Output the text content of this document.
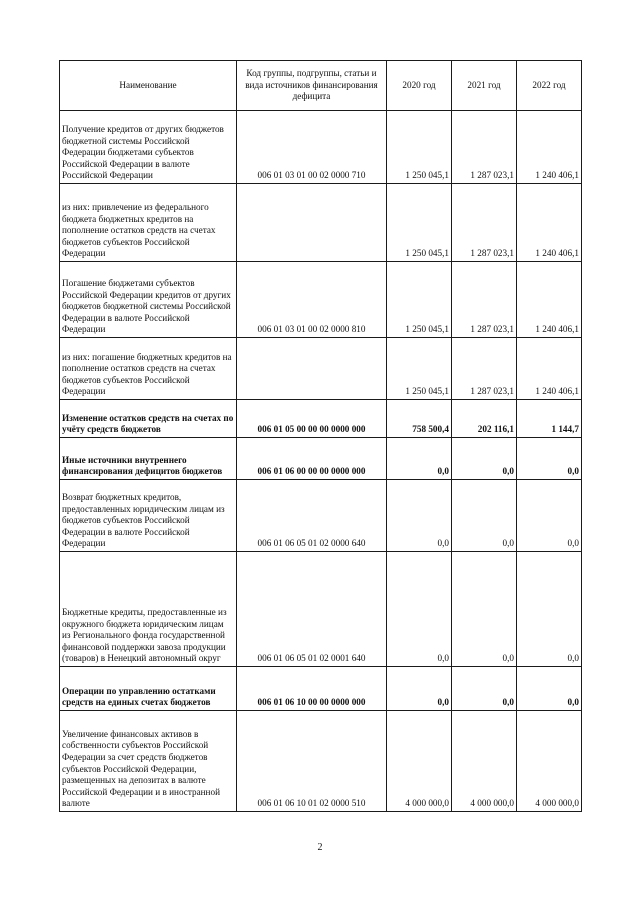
Наименование	Код группы, подгруппы, статьи и вида источников финансирования дефицита	2020 год	2021 год	2022 год
Получение кредитов от других бюджетов бюджетной системы Российской Федерации бюджетами субъектов Российской Федерации в валюте Российской Федерации	006 01 03 01 00 02 0000 710	1 250 045,1	1 287 023,1	1 240 406,1
из них: привлечение из федерального бюджета бюджетных кредитов на пополнение остатков средств на счетах бюджетов субъектов Российской Федерации		1 250 045,1	1 287 023,1	1 240 406,1
Погашение бюджетами субъектов Российской Федерации кредитов от других бюджетов бюджетной системы Российской Федерации в валюте Российской Федерации	006 01 03 01 00 02 0000 810	1 250 045,1	1 287 023,1	1 240 406,1
из них: погашение бюджетных кредитов на пополнение остатков средств на счетах бюджетов субъектов Российской Федерации		1 250 045,1	1 287 023,1	1 240 406,1
Изменение остатков средств на счетах по учёту средств бюджетов	006 01 05 00 00 00 0000 000	758 500,4	202 116,1	1 144,7
Иные источники внутреннего финансирования дефицитов бюджетов	006 01 06 00 00 00 0000 000	0,0	0,0	0,0
Возврат бюджетных кредитов, предоставленных юридическим лицам из бюджетов субъектов Российской Федерации в валюте Российской Федерации	006 01 06 05 01 02 0000 640	0,0	0,0	0,0
Бюджетные кредиты, предоставленные из окружного бюджета юридическим лицам из Регионального фонда государственной финансовой поддержки завоза продукции (товаров) в Ненецкий автономный округ	006 01 06 05 01 02 0001 640	0,0	0,0	0,0
Операции по управлению остатками средств на единых счетах бюджетов	006 01 06 10 00 00 0000 000	0,0	0,0	0,0
Увеличение финансовых активов в собственности субъектов Российской Федерации за счет средств бюджетов субъектов Российской Федерации, размещенных на депозитах в валюте Российской Федерации и в иностранной валюте	006 01 06 10 01 02 0000 510	4 000 000,0	4 000 000,0	4 000 000,0
2
